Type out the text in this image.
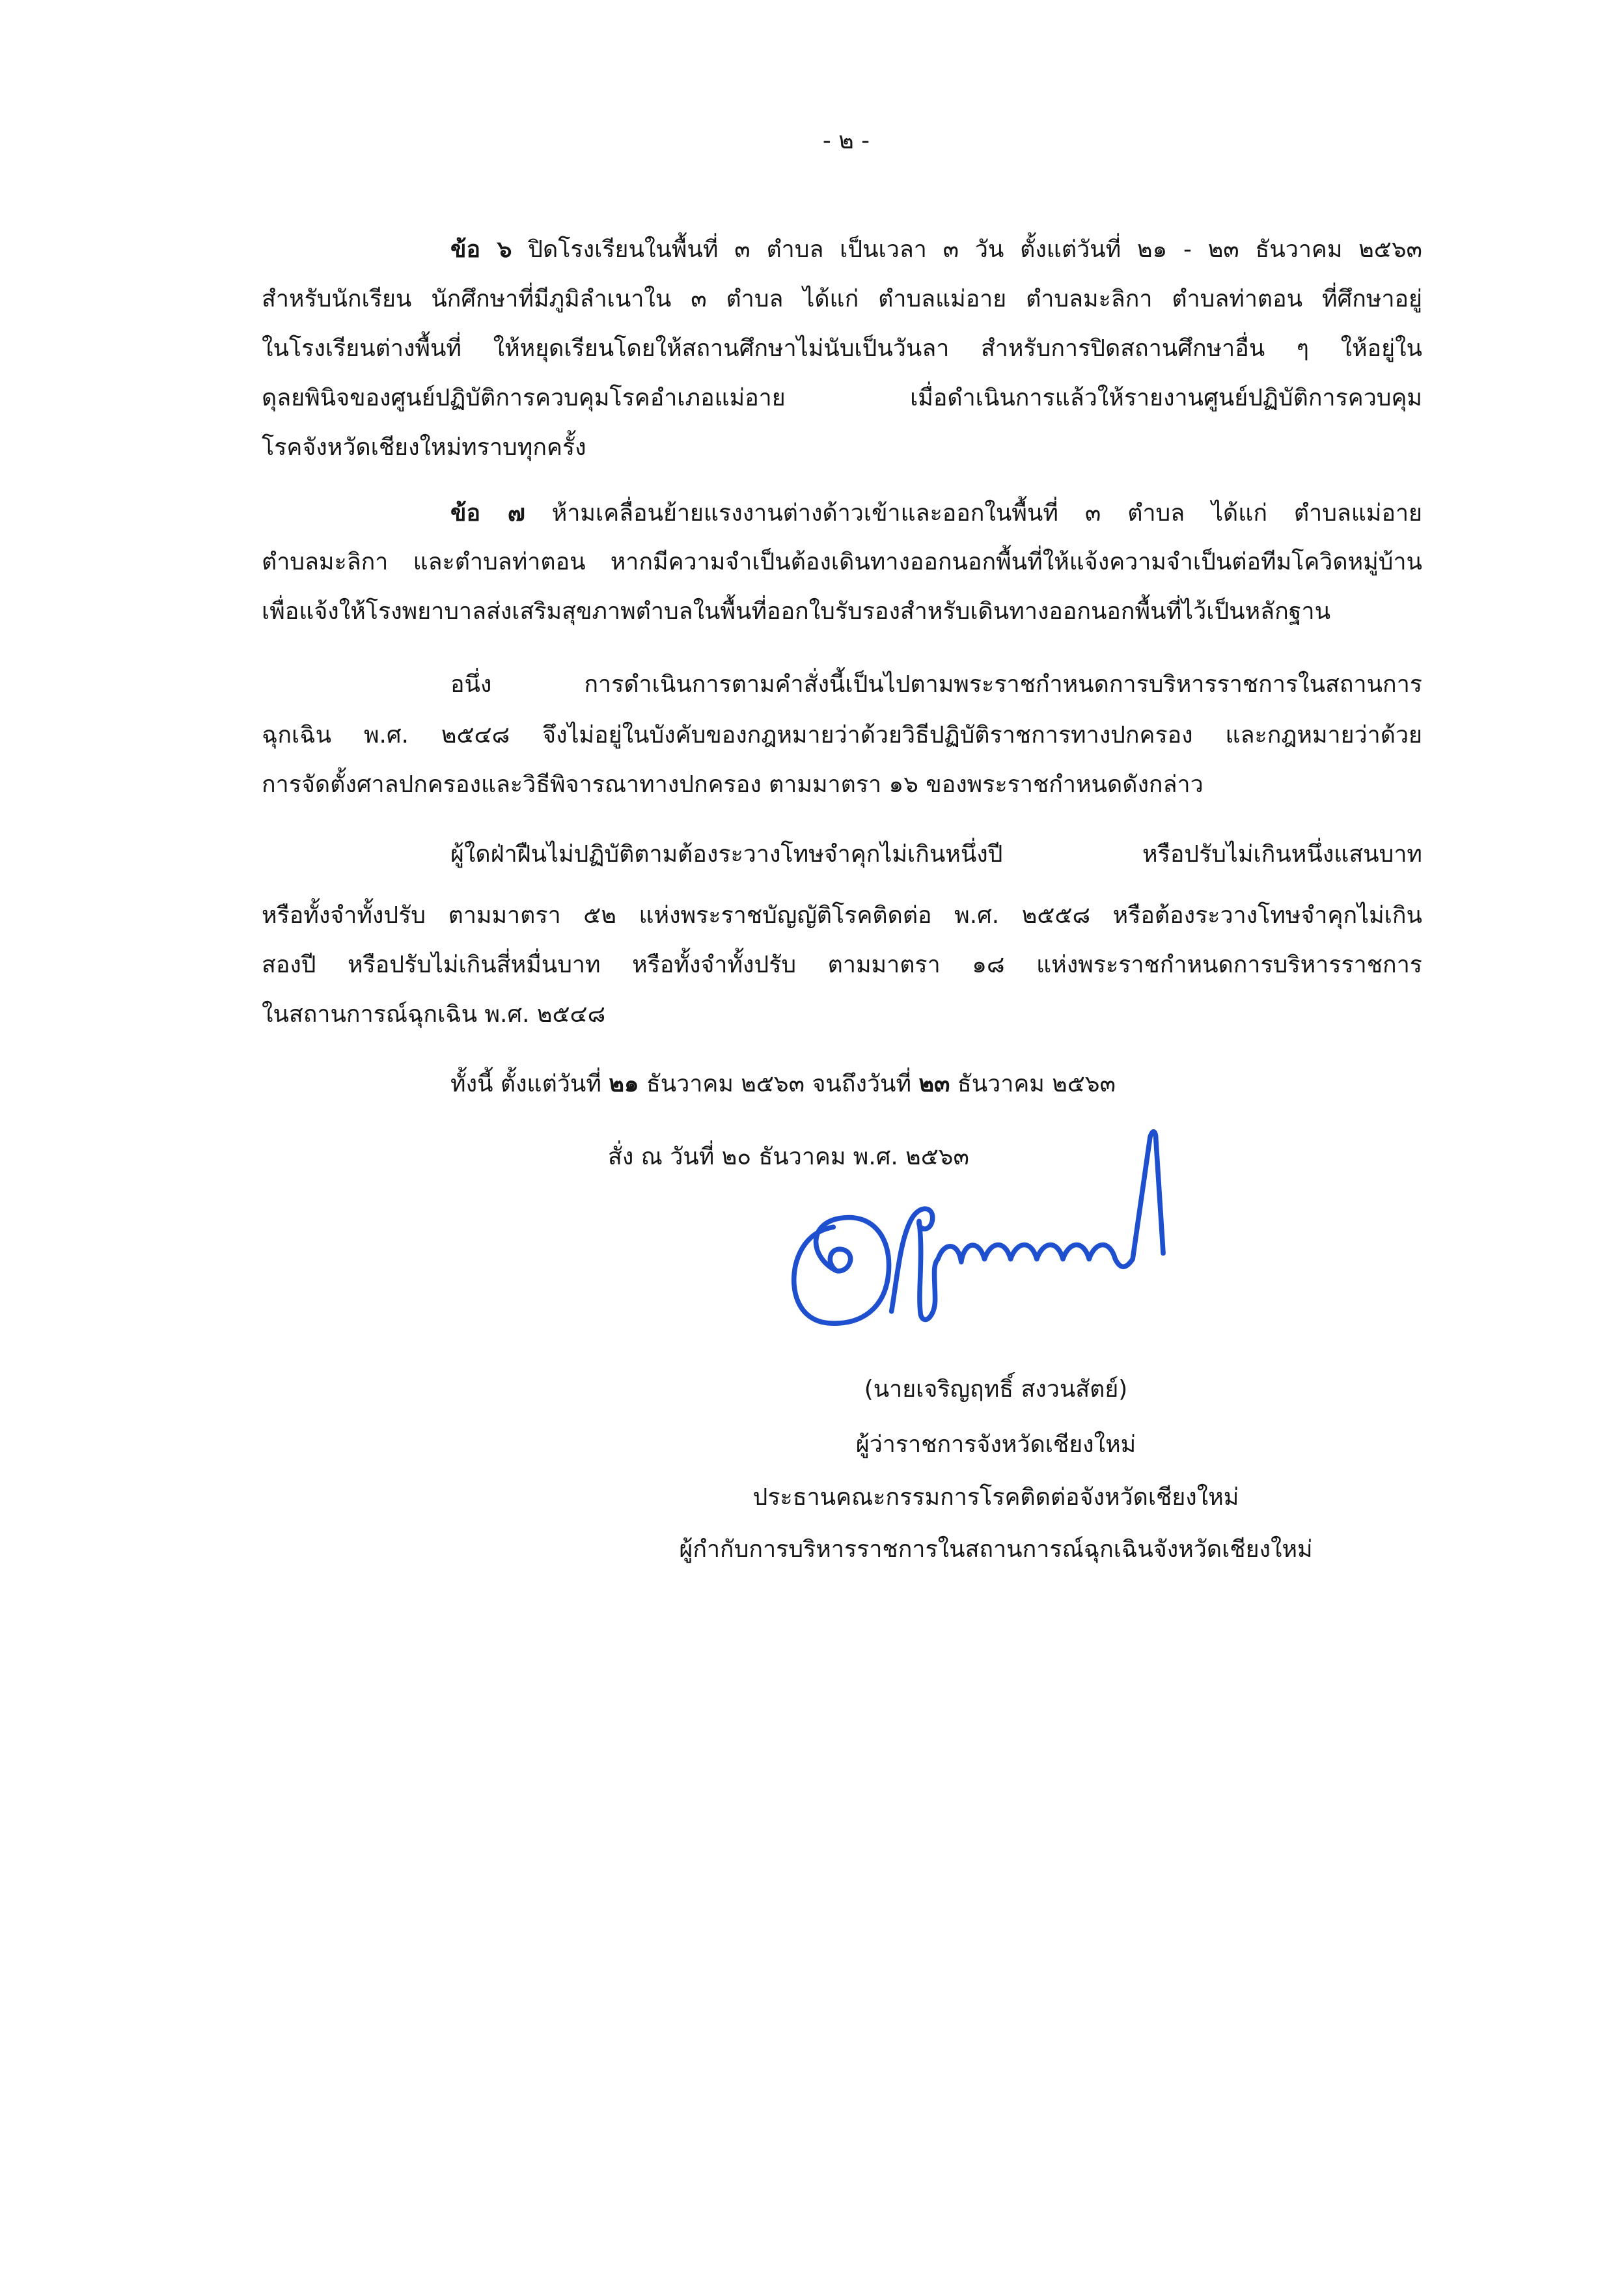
- ๒ -
ข้อ ๖ ปิดโรงเรียนในพื้นที่ ๓ ตำบล เป็นเวลา ๓ วัน ตั้งแต่วันที่ ๒๑ - ๒๓ ธันวาคม ๒๕๖๓
สำหรับนักเรียน นักศึกษาที่มีภูมิลำเนาใน ๓ ตำบล ได้แก่ ตำบลแม่อาย ตำบลมะลิกา ตำบลท่าตอน ที่ศึกษาอยู่
ในโรงเรียนต่างพื้นที่ ให้หยุดเรียนโดยให้สถานศึกษาไม่นับเป็นวันลา สำหรับการปิดสถานศึกษาอื่น ๆ ให้อยู่ใน
ดุลยพินิจของศูนย์ปฏิบัติการควบคุมโรคอำเภอแม่อาย เมื่อดำเนินการแล้วให้รายงานศูนย์ปฏิบัติการควบคุม
โรคจังหวัดเชียงใหม่ทราบทุกครั้ง
ข้อ ๗ ห้ามเคลื่อนย้ายแรงงานต่างด้าวเข้าและออกในพื้นที่ ๓ ตำบล ได้แก่ ตำบลแม่อาย
ตำบลมะลิกา และตำบลท่าตอน หากมีความจำเป็นต้องเดินทางออกนอกพื้นที่ให้แจ้งความจำเป็นต่อทีมโควิดหมู่บ้าน
เพื่อแจ้งให้โรงพยาบาลส่งเสริมสุขภาพตำบลในพื้นที่ออกใบรับรองสำหรับเดินทางออกนอกพื้นที่ไว้เป็นหลักฐาน
อนึ่ง การดำเนินการตามคำสั่งนี้เป็นไปตามพระราชกำหนดการบริหารราชการในสถานการ
ฉุกเฉิน พ.ศ. ๒๕๔๘ จึงไม่อยู่ในบังคับของกฎหมายว่าด้วยวิธีปฏิบัติราชการทางปกครอง และกฎหมายว่าด้วย
การจัดตั้งศาลปกครองและวิธีพิจารณาทางปกครอง ตามมาตรา ๑๖ ของพระราชกำหนดดังกล่าว
ผู้ใดฝ่าฝืนไม่ปฏิบัติตามต้องระวางโทษจำคุกไม่เกินหนึ่งปี หรือปรับไม่เกินหนึ่งแสนบาท
หรือทั้งจำทั้งปรับ ตามมาตรา ๕๒ แห่งพระราชบัญญัติโรคติดต่อ พ.ศ. ๒๕๕๘ หรือต้องระวางโทษจำคุกไม่เกิน
สองปี หรือปรับไม่เกินสี่หมื่นบาท หรือทั้งจำทั้งปรับ ตามมาตรา ๑๘ แห่งพระราชกำหนดการบริหารราชการ
ในสถานการณ์ฉุกเฉิน พ.ศ. ๒๕๔๘
ทั้งนี้ ตั้งแต่วันที่ ๒๑ ธันวาคม ๒๕๖๓ จนถึงวันที่ ๒๓ ธันวาคม ๒๕๖๓
สั่ง ณ วันที่ ๒๐ ธันวาคม พ.ศ. ๒๕๖๓
(นายเจริญฤทธิ์ สงวนสัตย์)
ผู้ว่าราชการจังหวัดเชียงใหม่
ประธานคณะกรรมการโรคติดต่อจังหวัดเชียงใหม่
ผู้กำกับการบริหารราชการในสถานการณ์ฉุกเฉินจังหวัดเชียงใหม่
